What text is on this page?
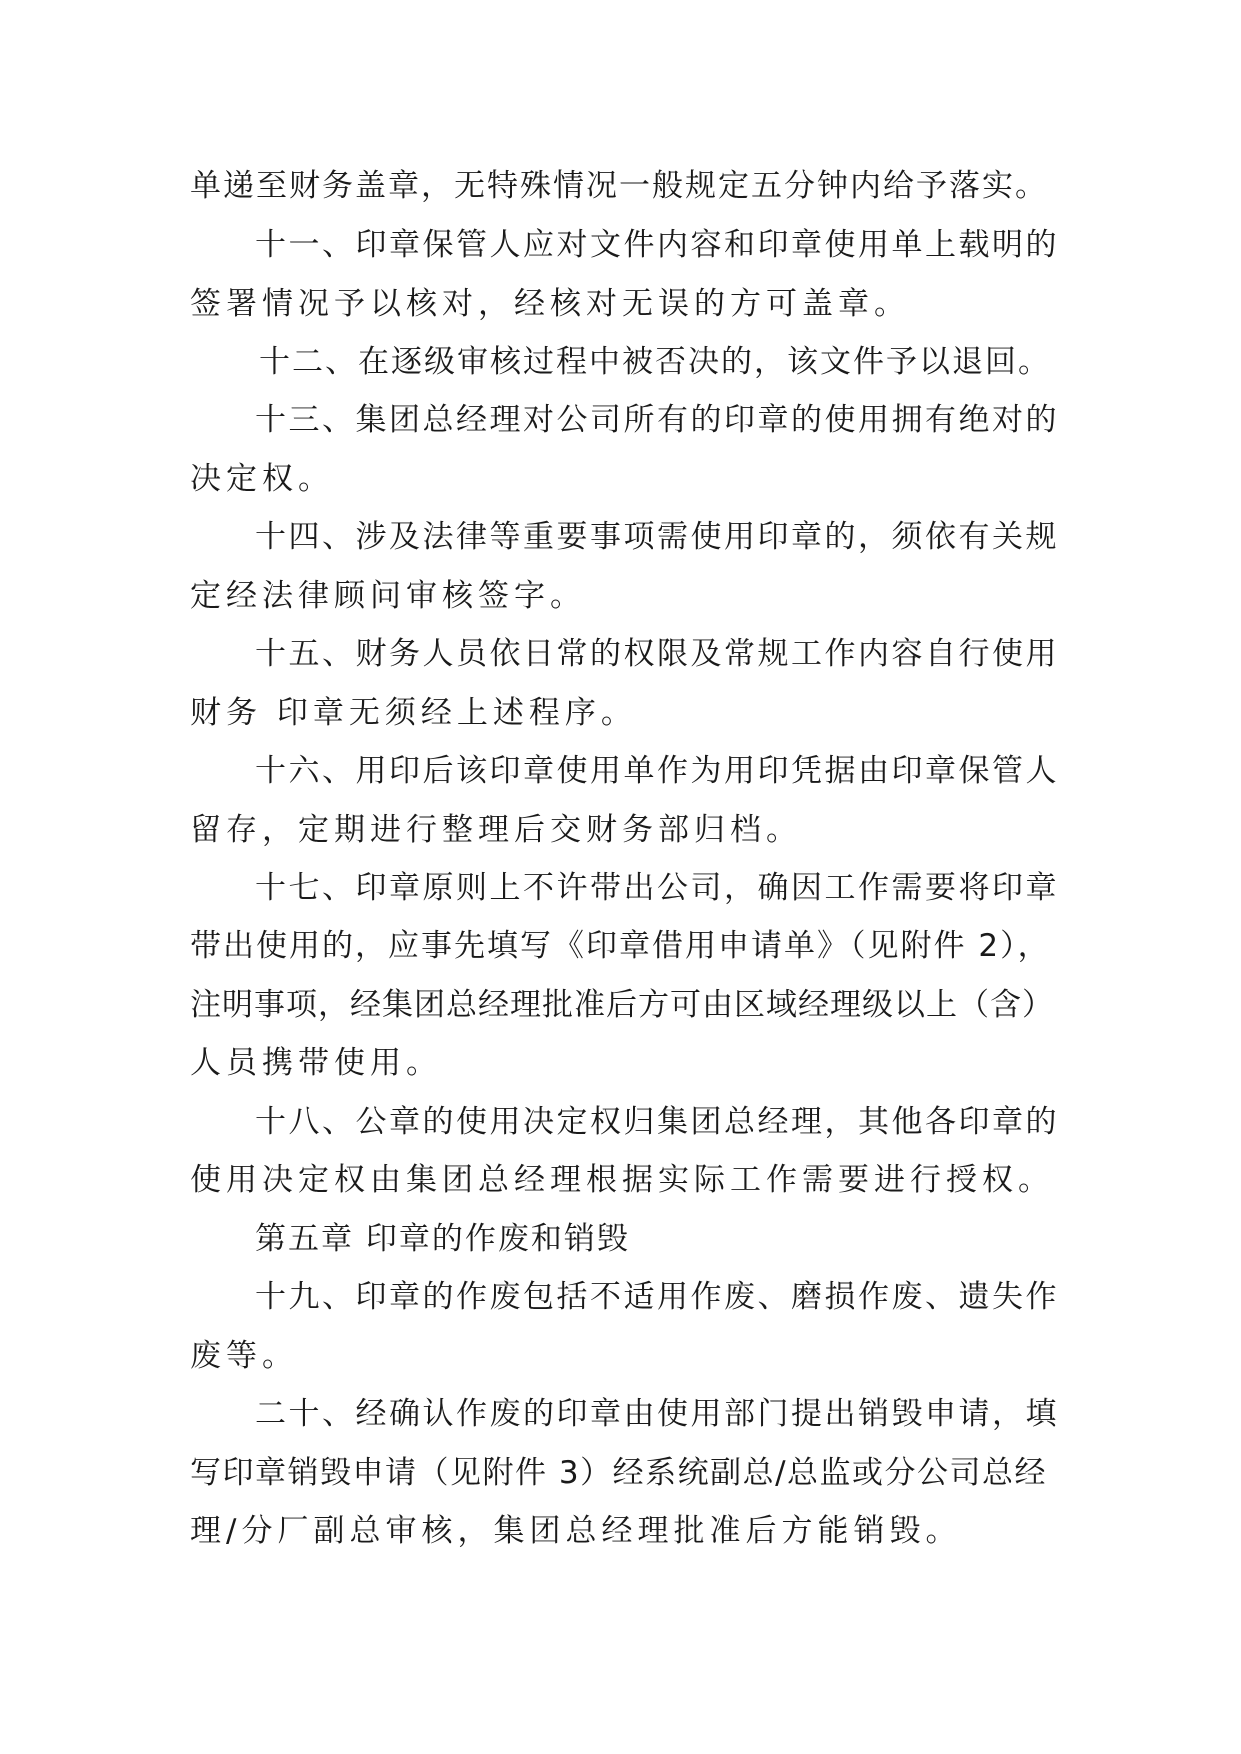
单递至财务盖章，无特殊情况一般规定五分钟内给予落实。
十一、印章保管人应对文件内容和印章使用单上载明的
签署情况予以核对，经核对无误的方可盖章。
十二、在逐级审核过程中被否决的，该文件予以退回。
十三、集团总经理对公司所有的印章的使用拥有绝对的
决定权。
十四、涉及法律等重要事项需使用印章的，须依有关规
定经法律顾问审核签字。
十五、财务人员依日常的权限及常规工作内容自行使用
财务 印章无须经上述程序。
十六、用印后该印章使用单作为用印凭据由印章保管人
留存，定期进行整理后交财务部归档。
十七、印章原则上不许带出公司，确因工作需要将印章
带出使用的，应事先填写《印章借用申请单》（见附件 2），
注明事项，经集团总经理批准后方可由区域经理级以上（含）
人员携带使用。
十八、公章的使用决定权归集团总经理，其他各印章的
使用决定权由集团总经理根据实际工作需要进行授权。
第五章 印章的作废和销毁
十九、印章的作废包括不适用作废、磨损作废、遗失作
废等。
二十、经确认作废的印章由使用部门提出销毁申请，填
写印章销毁申请（见附件 3）经系统副总/总监或分公司总经
理/分厂副总审核，集团总经理批准后方能销毁。
